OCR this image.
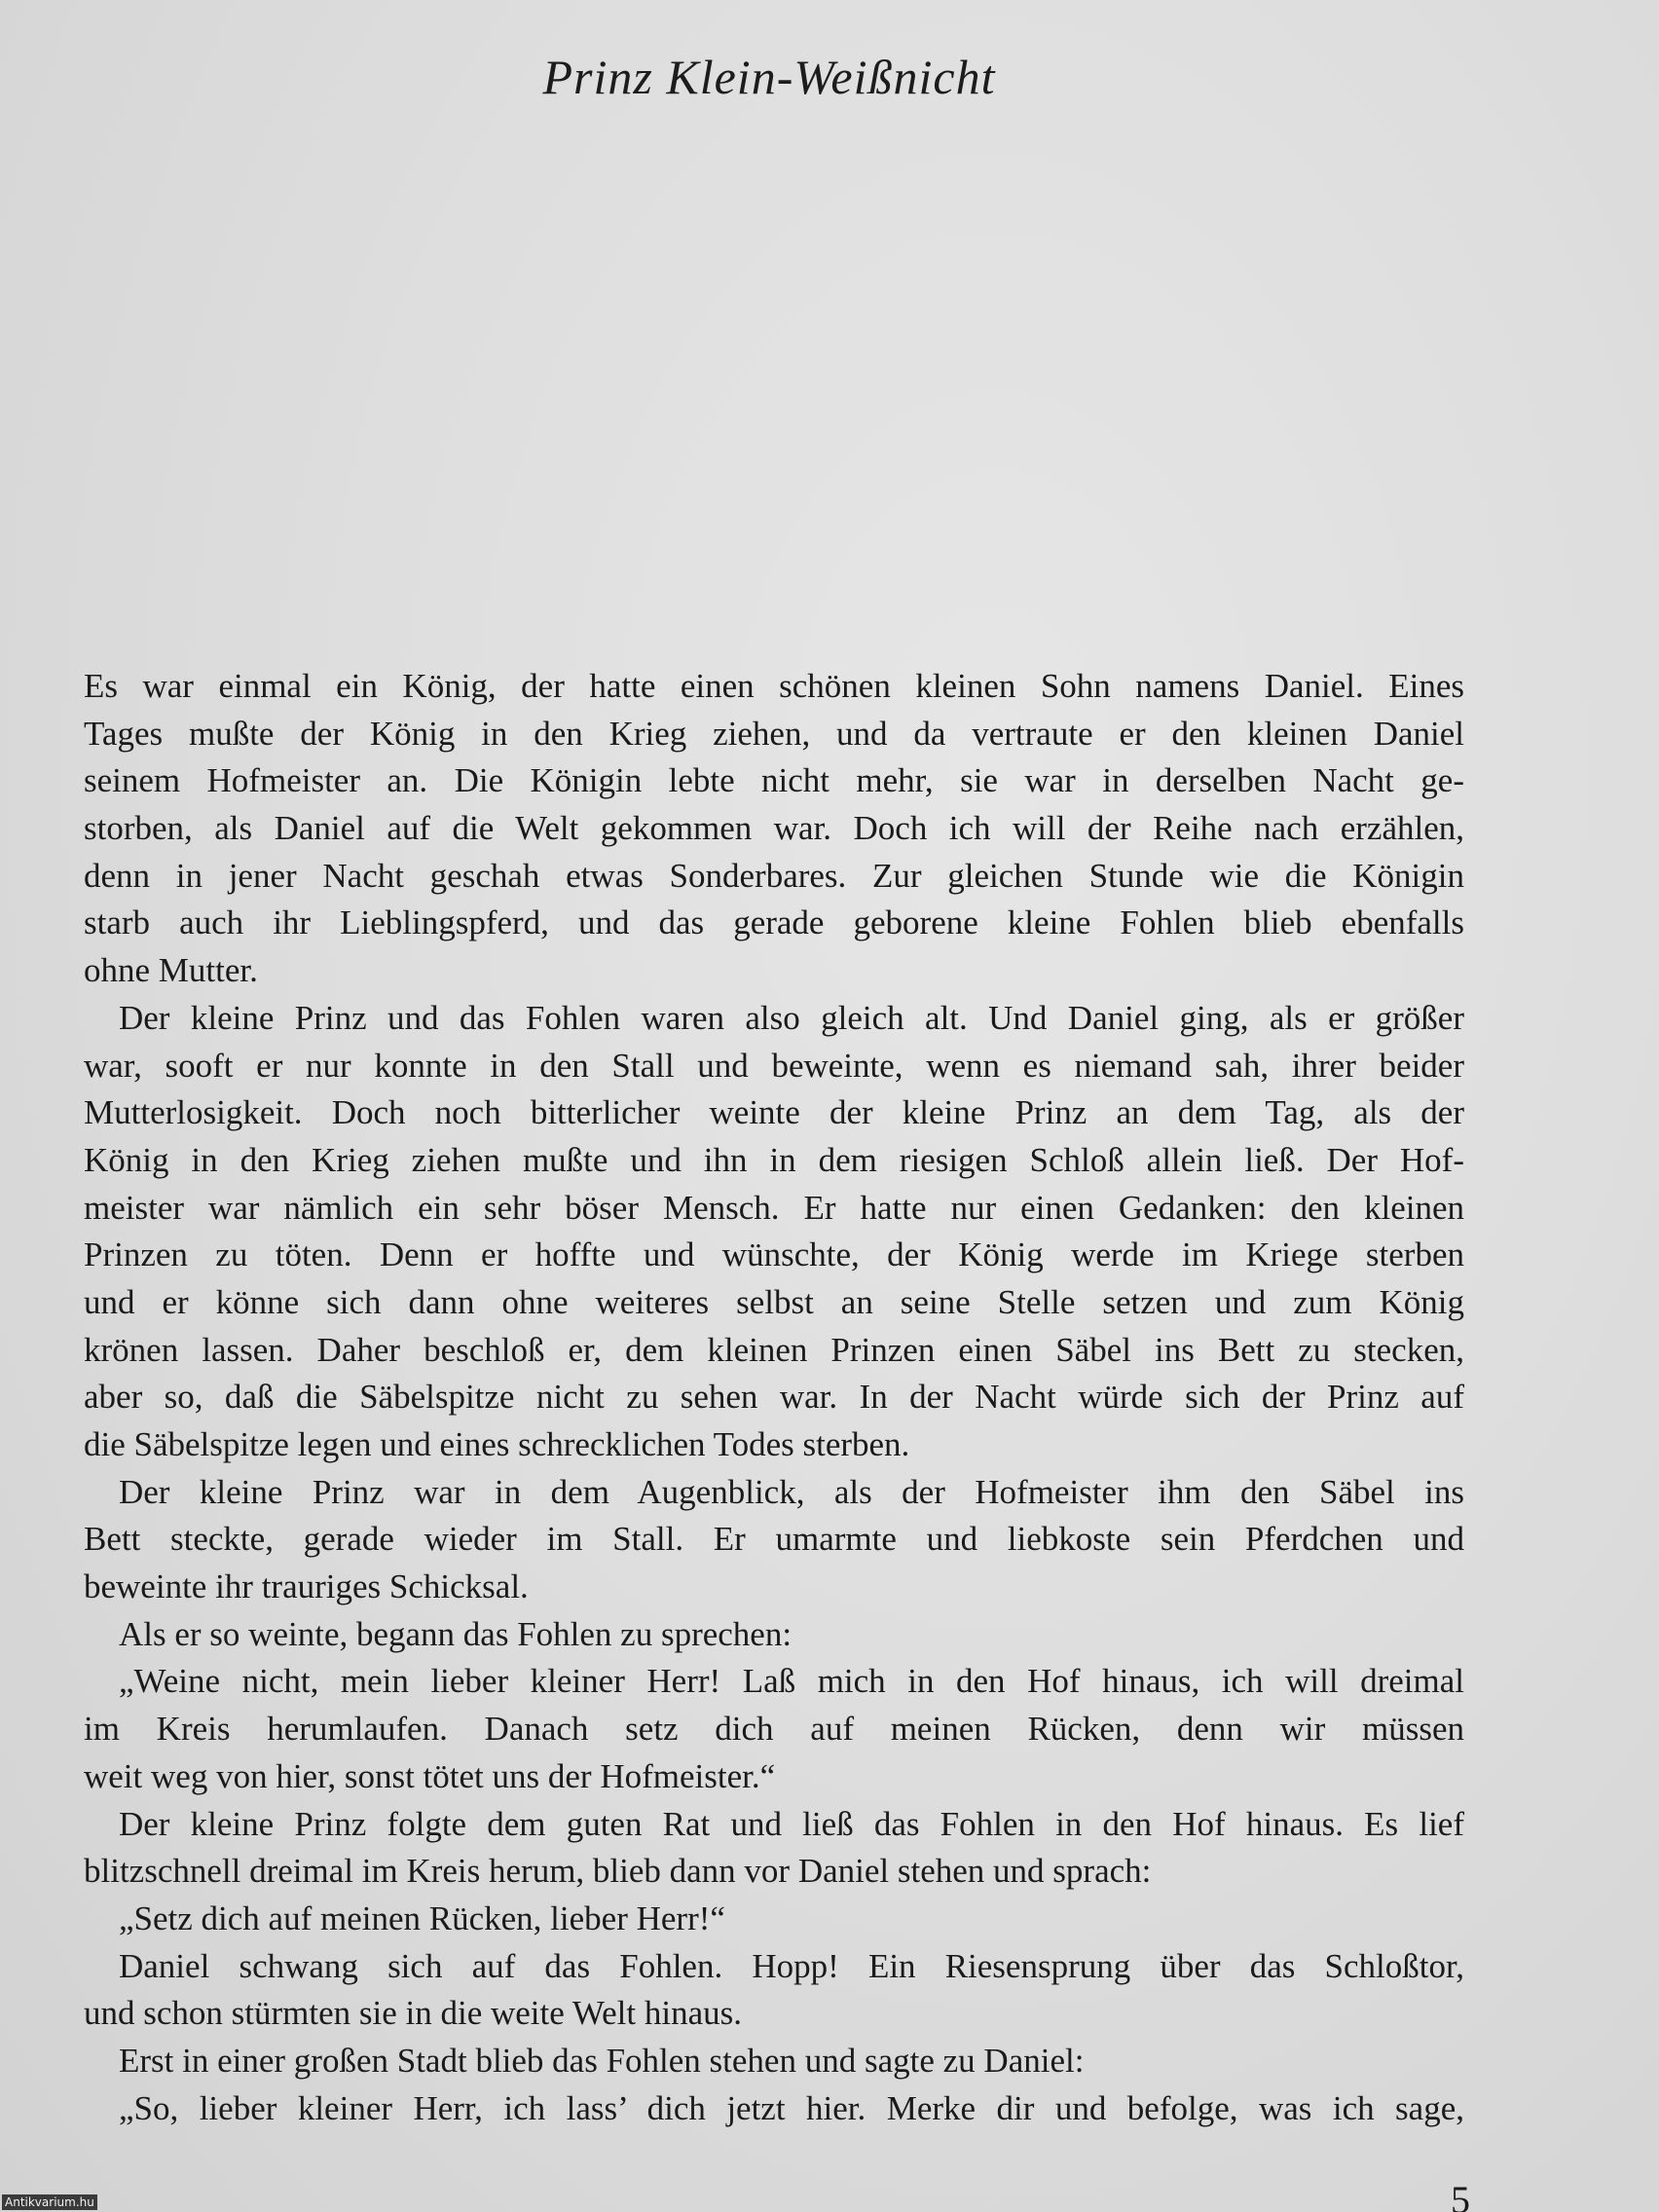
Prinz Klein-Weißnicht
Es war einmal ein König, der hatte einen schönen kleinen Sohn namens Daniel. Eines
Tages mußte der König in den Krieg ziehen, und da vertraute er den kleinen Daniel
seinem Hofmeister an. Die Königin lebte nicht mehr, sie war in derselben Nacht ge-
storben, als Daniel auf die Welt gekommen war. Doch ich will der Reihe nach erzählen,
denn in jener Nacht geschah etwas Sonderbares. Zur gleichen Stunde wie die Königin
starb auch ihr Lieblingspferd, und das gerade geborene kleine Fohlen blieb ebenfalls
ohne Mutter.
Der kleine Prinz und das Fohlen waren also gleich alt. Und Daniel ging, als er größer
war, sooft er nur konnte in den Stall und beweinte, wenn es niemand sah, ihrer beider
Mutterlosigkeit. Doch noch bitterlicher weinte der kleine Prinz an dem Tag, als der
König in den Krieg ziehen mußte und ihn in dem riesigen Schloß allein ließ. Der Hof-
meister war nämlich ein sehr böser Mensch. Er hatte nur einen Gedanken: den kleinen
Prinzen zu töten. Denn er hoffte und wünschte, der König werde im Kriege sterben
und er könne sich dann ohne weiteres selbst an seine Stelle setzen und zum König
krönen lassen. Daher beschloß er, dem kleinen Prinzen einen Säbel ins Bett zu stecken,
aber so, daß die Säbelspitze nicht zu sehen war. In der Nacht würde sich der Prinz auf
die Säbelspitze legen und eines schrecklichen Todes sterben.
Der kleine Prinz war in dem Augenblick, als der Hofmeister ihm den Säbel ins
Bett steckte, gerade wieder im Stall. Er umarmte und liebkoste sein Pferdchen und
beweinte ihr trauriges Schicksal.
Als er so weinte, begann das Fohlen zu sprechen:
„Weine nicht, mein lieber kleiner Herr! Laß mich in den Hof hinaus, ich will dreimal
im Kreis herumlaufen. Danach setz dich auf meinen Rücken, denn wir müssen
weit weg von hier, sonst tötet uns der Hofmeister.“
Der kleine Prinz folgte dem guten Rat und ließ das Fohlen in den Hof hinaus. Es lief
blitzschnell dreimal im Kreis herum, blieb dann vor Daniel stehen und sprach:
„Setz dich auf meinen Rücken, lieber Herr!“
Daniel schwang sich auf das Fohlen. Hopp! Ein Riesensprung über das Schloßtor,
und schon stürmten sie in die weite Welt hinaus.
Erst in einer großen Stadt blieb das Fohlen stehen und sagte zu Daniel:
„So, lieber kleiner Herr, ich lass’ dich jetzt hier. Merke dir und befolge, was ich sage,
5
Antikvarium.hu
